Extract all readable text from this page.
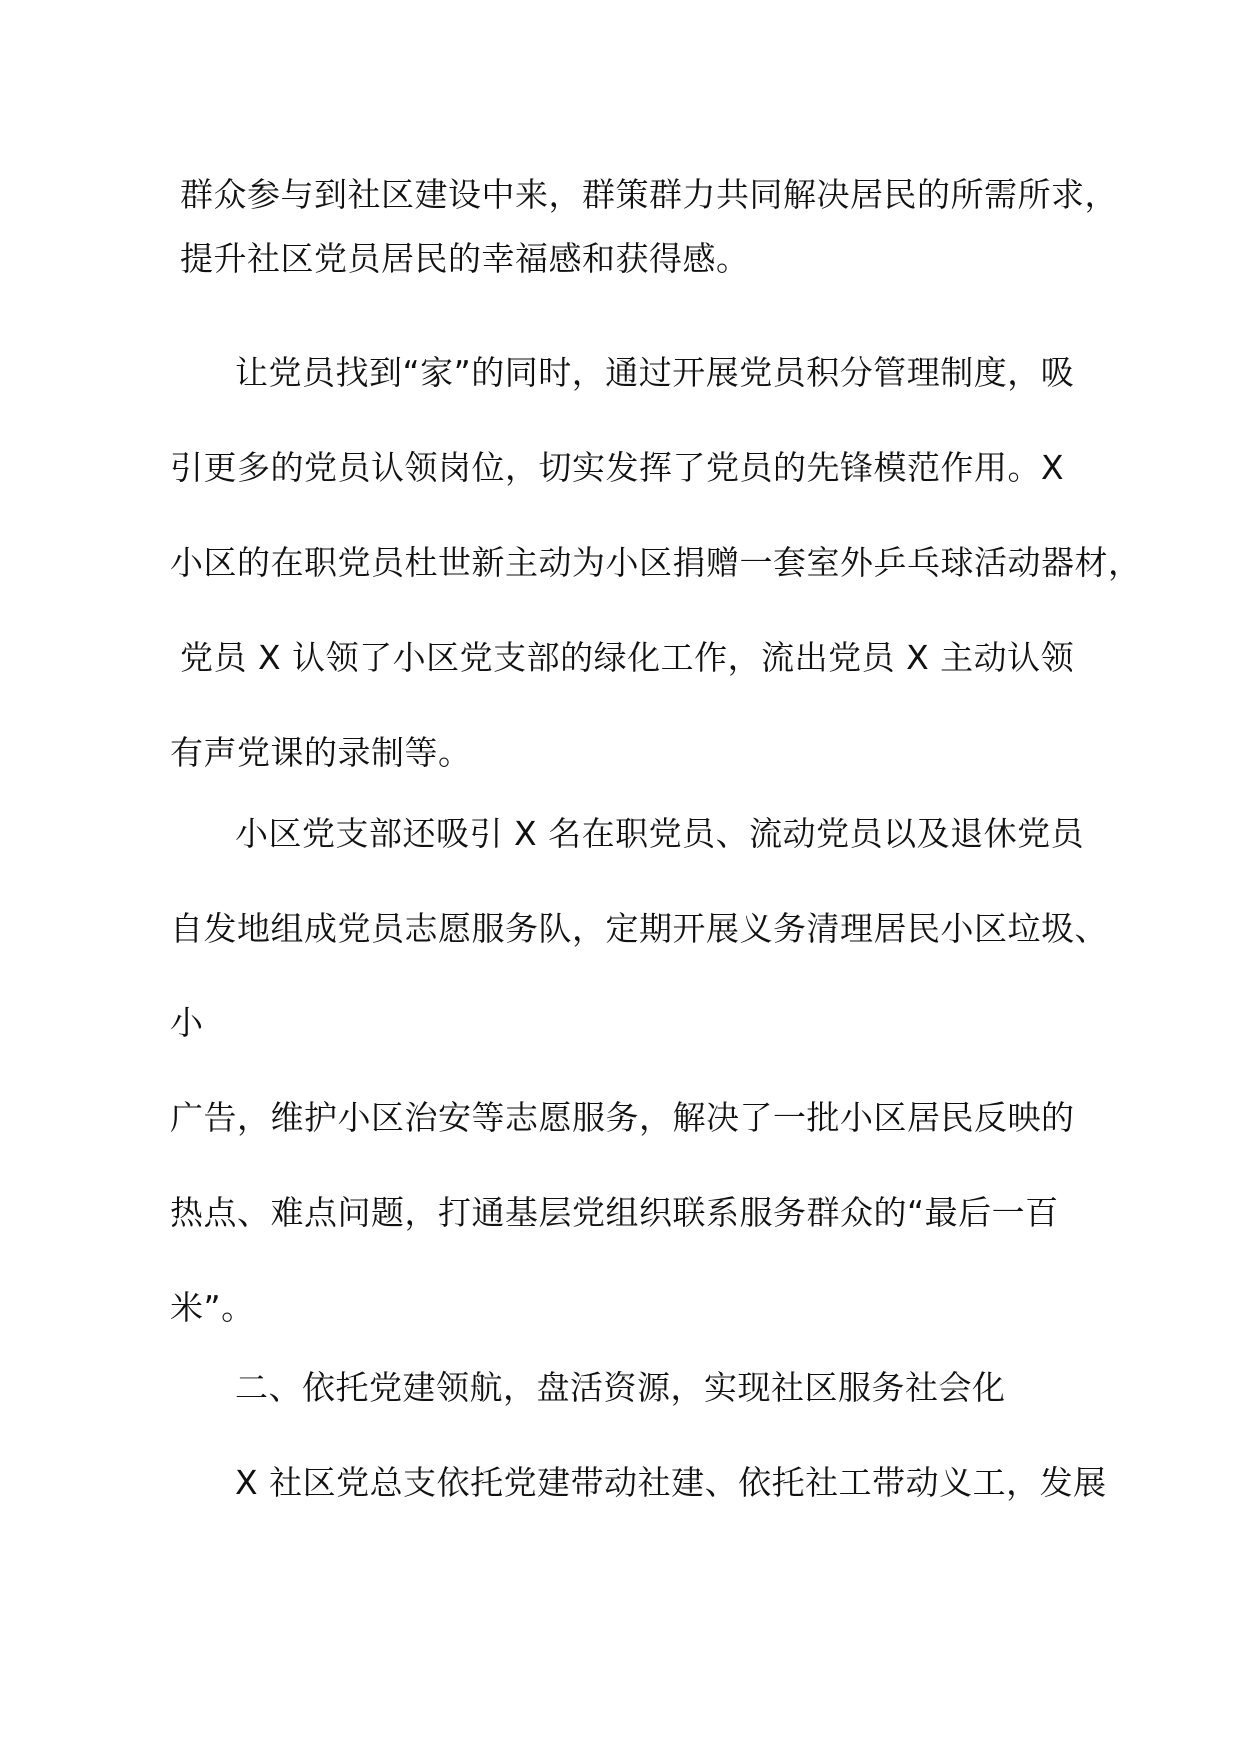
群众参与到社区建设中来，群策群力共同解决居民的所需所求，

提升社区党员居民的幸福感和获得感。

让党员找到“家”的同时，通过开展党员积分管理制度，吸

引更多的党员认领岗位，切实发挥了党员的先锋模范作用。X

小区的在职党员杜世新主动为小区捐赠一套室外乒乓球活动器材，

党员 X 认领了小区党支部的绿化工作，流出党员 X 主动认领

有声党课的录制等。

小区党支部还吸引 X 名在职党员、流动党员以及退休党员

自发地组成党员志愿服务队，定期开展义务清理居民小区垃圾、

小

广告，维护小区治安等志愿服务，解决了一批小区居民反映的

热点、难点问题，打通基层党组织联系服务群众的“最后一百

米”。

二、依托党建领航，盘活资源，实现社区服务社会化

X 社区党总支依托党建带动社建、依托社工带动义工，发展
